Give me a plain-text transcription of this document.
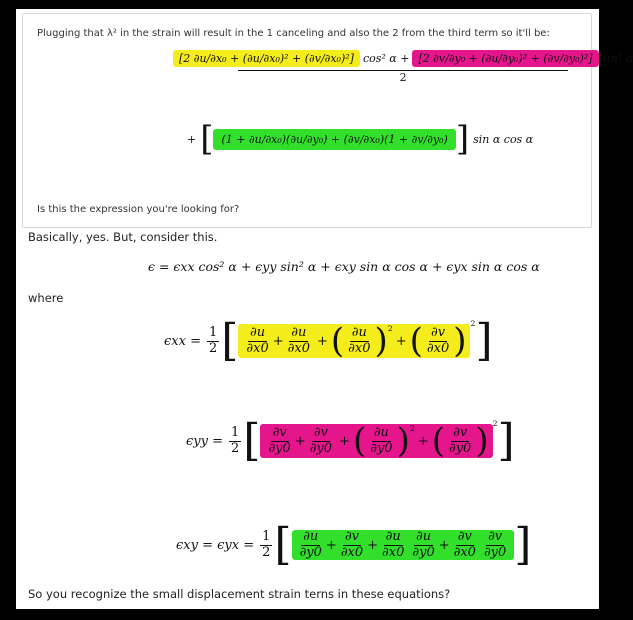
Plugging that λ² in the strain will result in the 1 canceling and also the 2 from the third term so it'll be:
[2 ∂u/∂x₀ + (∂u/∂x₀)² + (∂v/∂x₀)²] cos² α + [2 ∂v/∂y₀ + (∂u/∂y₀)² + (∂v/∂y₀)²] sin² α
2
+ [ (1 + ∂u/∂x₀)(∂u/∂y₀) + (∂v/∂x₀)(1 + ∂v/∂y₀) ] sin α cos α
Is this the expression you're looking for?
Basically, yes. But, consider this.
ϵ = ϵxx cos² α + ϵyy sin² α + ϵxy sin α cos α + ϵyx sin α cos α
where
$\epsilon xx = \frac{1}{2}$ [ $\frac{\partial u}{\partial x0} + \frac{\partial u}{\partial x0}$ + ( $\frac{\partial u}{\partial x0} )^2$
+ ( $\frac{\partial v}{\partial x0}$ ) $^2$ ]
$\epsilon yy = \frac{1}{2}$ [ $\frac{\partial v}{\partial y0} + \frac{\partial v}{\partial y0}$ + ( $\frac{\partial u}{\partial y0} )^2$
+ ( $\frac{\partial v}{\partial y0}$ ) $^2$ ]
$\epsilon xy = \epsilon yx = \frac{1}{2}$ [ $\frac{\partial u}{\partial y0} + \frac{\partial v}{\partial x0} + \frac{\partial u}{\partial x0} \frac{\partial u}{\partial y0} + \frac{\partial v}{\partial x0} \frac{\partial v}{\partial y0}$ ]
So you recognize the small displacement strain terns in these equations?
